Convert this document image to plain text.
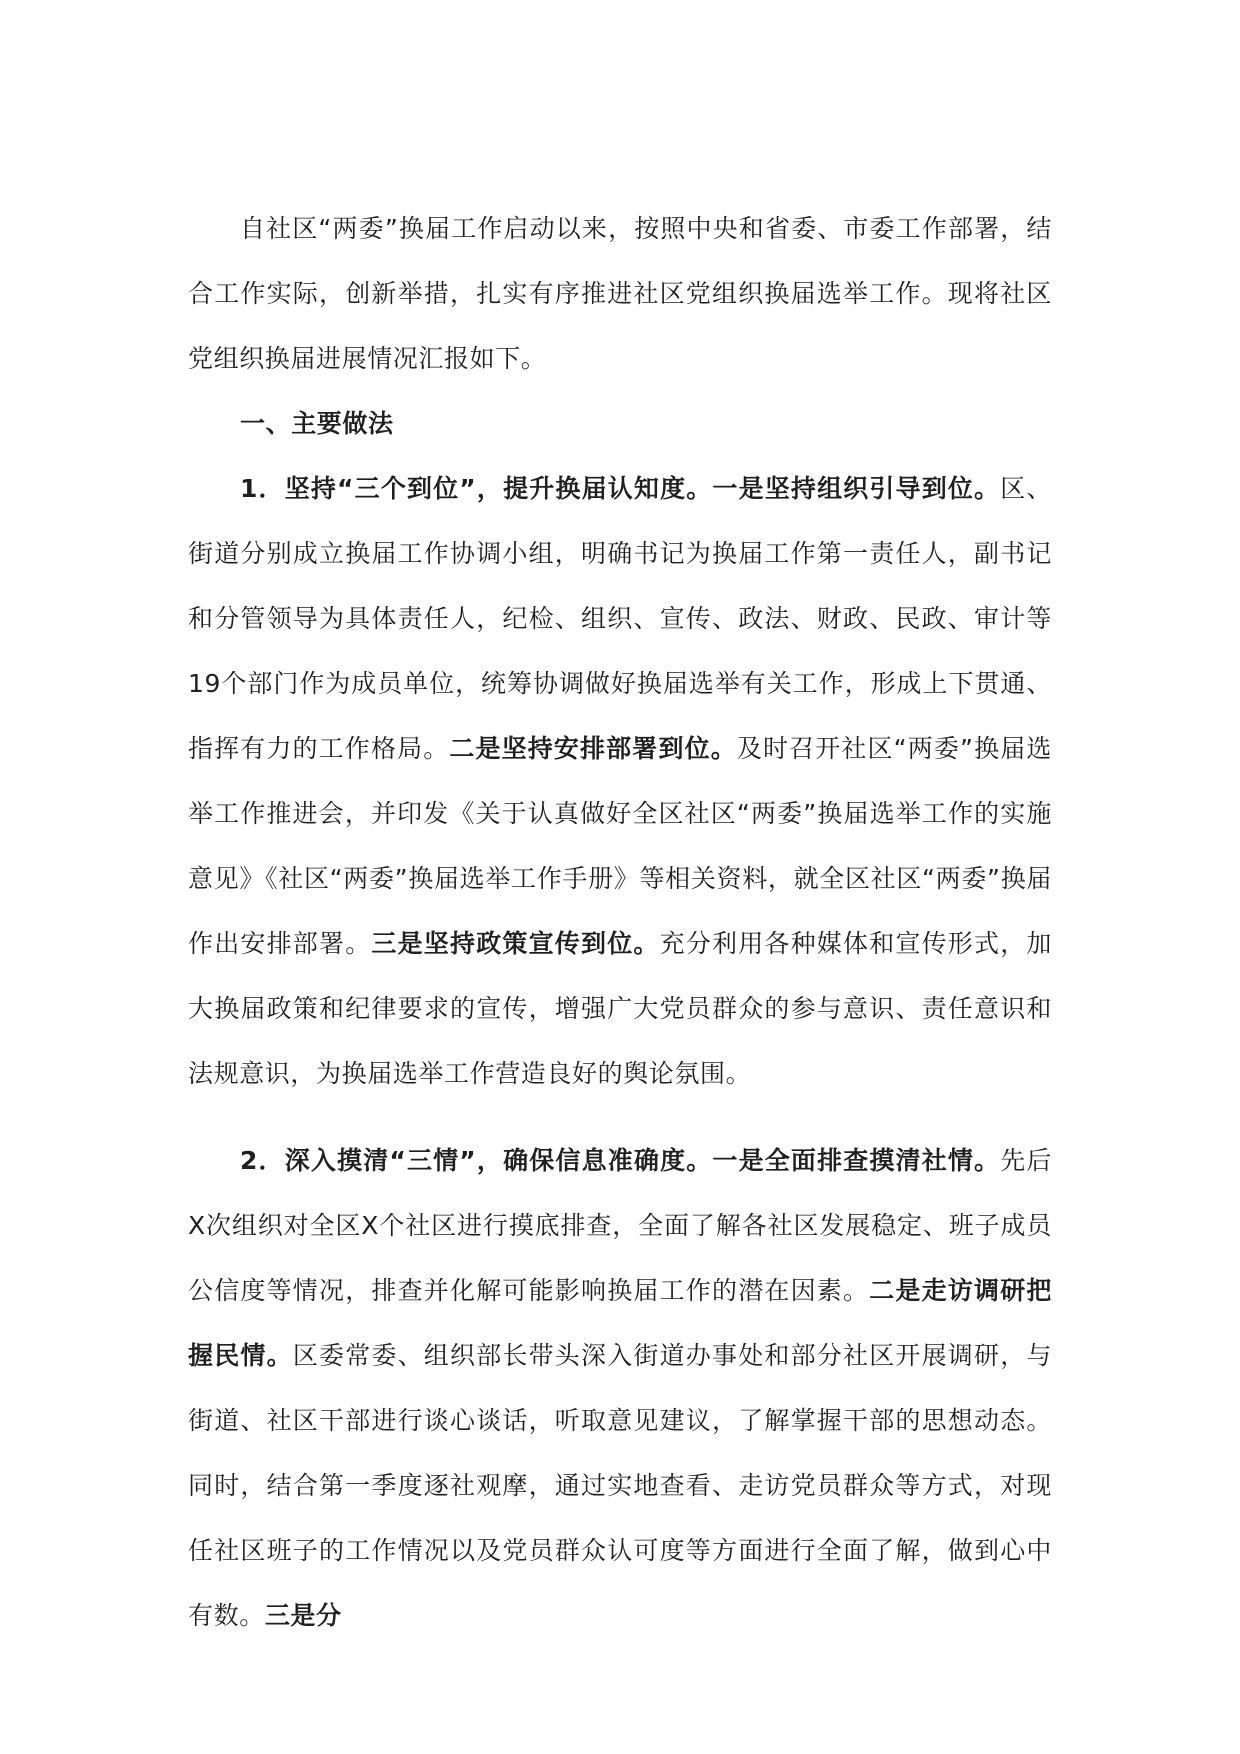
自社区“两委”换届工作启动以来，按照中央和省委、市委工作部署，结合工作实际，创新举措，扎实有序推进社区党组织换届选举工作。现将社区党组织换届进展情况汇报如下。

一、主要做法

1．坚持“三个到位”，提升换届认知度。一是坚持组织引导到位。区、街道分别成立换届工作协调小组，明确书记为换届工作第一责任人，副书记和分管领导为具体责任人，纪检、组织、宣传、政法、财政、民政、审计等19个部门作为成员单位，统筹协调做好换届选举有关工作，形成上下贯通、指挥有力的工作格局。二是坚持安排部署到位。及时召开社区“两委”换届选举工作推进会，并印发《关于认真做好全区社区“两委”换届选举工作的实施意见》《社区“两委”换届选举工作手册》等相关资料，就全区社区“两委”换届作出安排部署。三是坚持政策宣传到位。充分利用各种媒体和宣传形式，加大换届政策和纪律要求的宣传，增强广大党员群众的参与意识、责任意识和法规意识，为换届选举工作营造良好的舆论氛围。

2．深入摸清“三情”，确保信息准确度。一是全面排查摸清社情。先后X次组织对全区X个社区进行摸底排查，全面了解各社区发展稳定、班子成员公信度等情况，排查并化解可能影响换届工作的潜在因素。二是走访调研把握民情。区委常委、组织部长带头深入街道办事处和部分社区开展调研，与街道、社区干部进行谈心谈话，听取意见建议，了解掌握干部的思想动态。同时，结合第一季度逐社观摩，通过实地查看、走访党员群众等方式，对现任社区班子的工作情况以及党员群众认可度等方面进行全面了解，做到心中有数。三是分
